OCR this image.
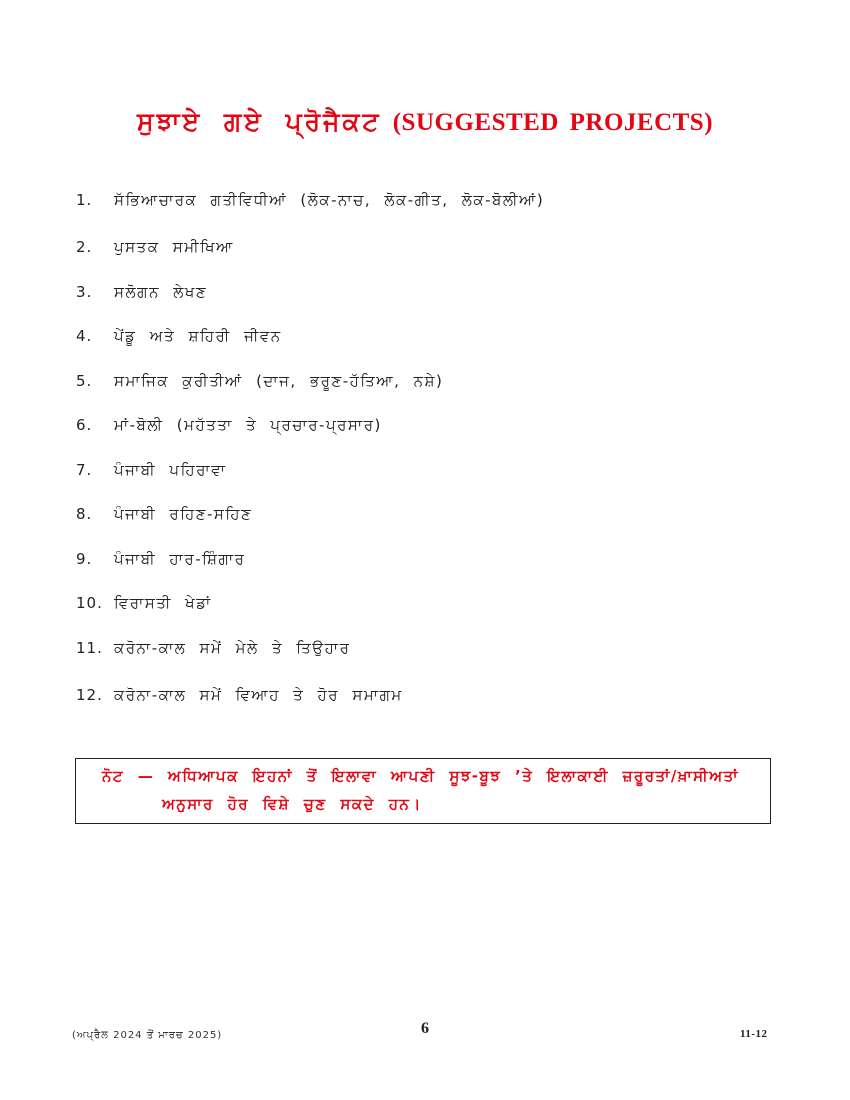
ਸੁਝਾਏ ਗਏ ਪ੍ਰੋਜੈਕਟ (SUGGESTED PROJECTS)
1. ਸੱਭਿਆਚਾਰਕ ਗਤੀਵਿਧੀਆਂ (ਲੋਕ-ਨਾਚ, ਲੋਕ-ਗੀਤ, ਲੋਕ-ਬੋਲੀਆਂ)
2. ਪੁਸਤਕ ਸਮੀਖਿਆ
3. ਸਲੋਗਨ ਲੇਖਣ
4. ਪੇਂਡੂ ਅਤੇ ਸ਼ਹਿਰੀ ਜੀਵਨ
5. ਸਮਾਜਿਕ ਕੁਰੀਤੀਆਂ (ਦਾਜ, ਭਰੂਣ-ਹੱਤਿਆ, ਨਸ਼ੇ)
6. ਮਾਂ-ਬੋਲੀ (ਮਹੱਤਤਾ ਤੇ ਪ੍ਰਚਾਰ-ਪ੍ਰਸਾਰ)
7. ਪੰਜਾਬੀ ਪਹਿਰਾਵਾ
8. ਪੰਜਾਬੀ ਰਹਿਣ-ਸਹਿਣ
9. ਪੰਜਾਬੀ ਹਾਰ-ਸ਼ਿੰਗਾਰ
10. ਵਿਰਾਸਤੀ ਖੇਡਾਂ
11. ਕਰੋਨਾ-ਕਾਲ ਸਮੇਂ ਮੇਲੇ ਤੇ ਤਿਉਹਾਰ
12. ਕਰੋਨਾ-ਕਾਲ ਸਮੇਂ ਵਿਆਹ ਤੇ ਹੋਰ ਸਮਾਗਮ
ਨੋਟ — ਅਧਿਆਪਕ ਇਹਨਾਂ ਤੋਂ ਇਲਾਵਾ ਆਪਣੀ ਸੂਝ-ਬੂਝ ’ਤੇ ਇਲਾਕਾਈ ਜ਼ਰੂਰਤਾਂ/ਖ਼ਾਸੀਅਤਾਂ
ਅਨੁਸਾਰ ਹੋਰ ਵਿਸ਼ੇ ਚੁਣ ਸਕਦੇ ਹਨ।
(ਅਪ੍ਰੈਲ 2024 ਤੋਂ ਮਾਰਚ 2025)	6	11-12
